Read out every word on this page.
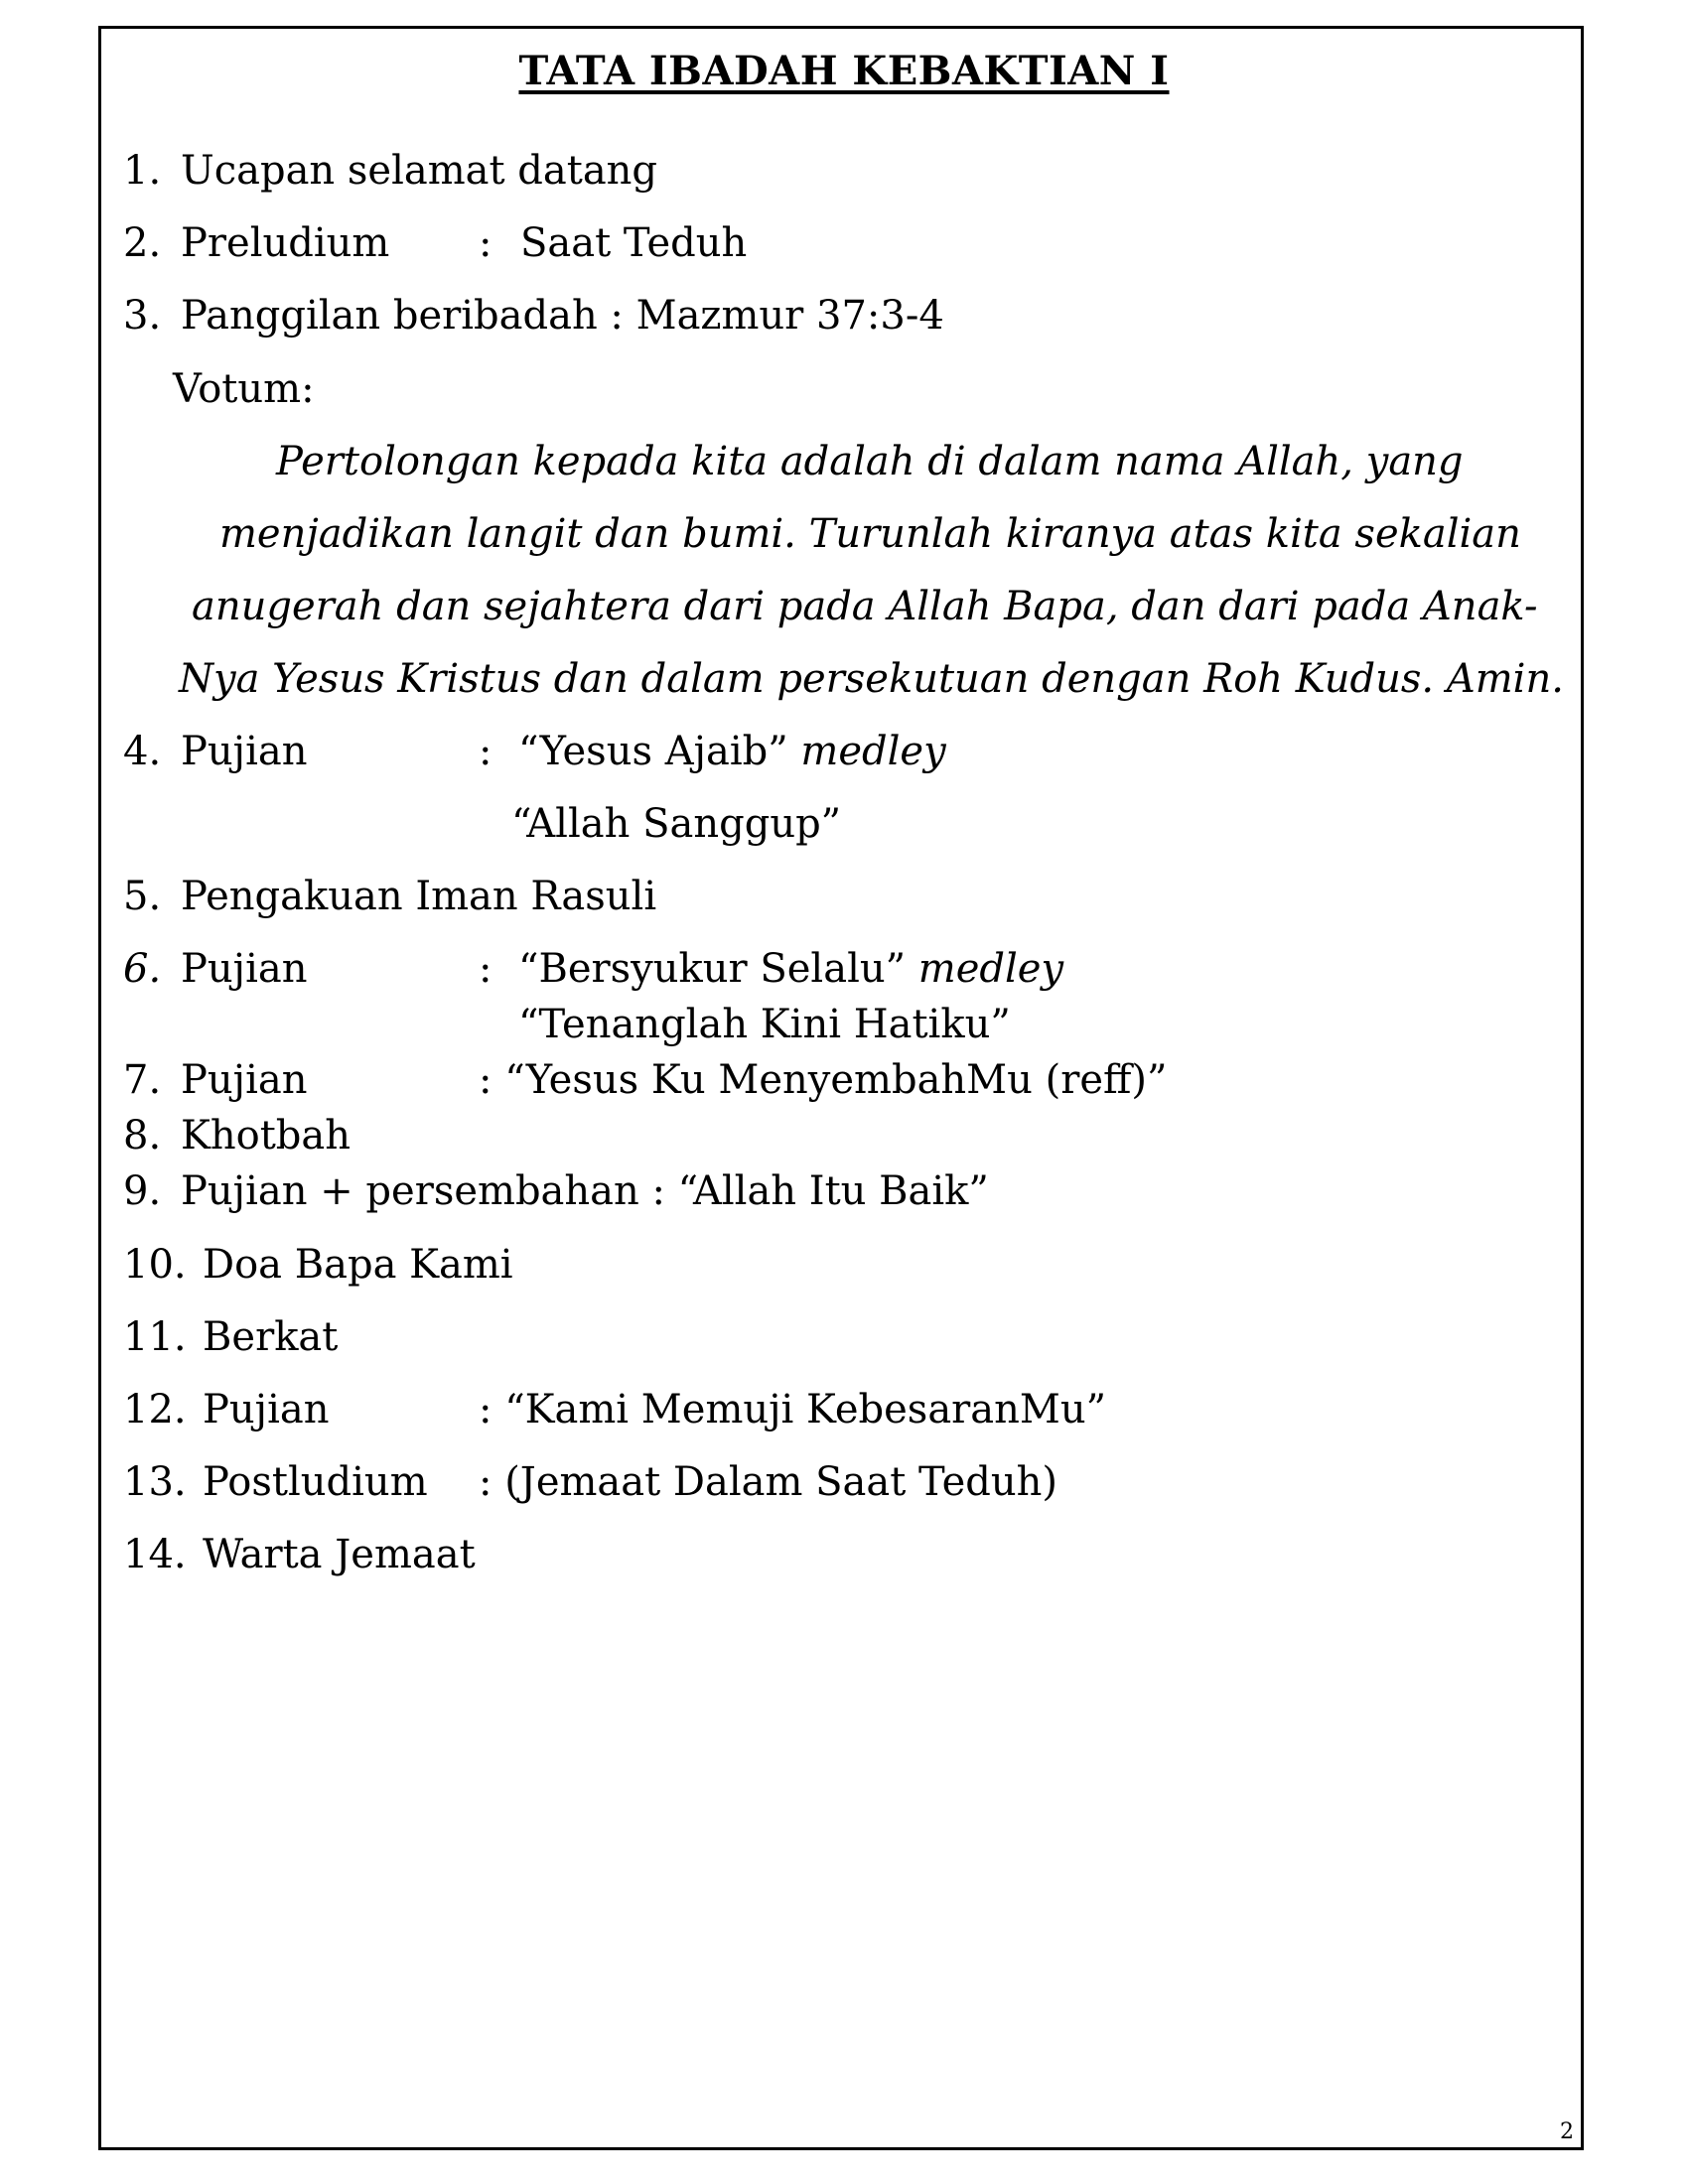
TATA IBADAH KEBAKTIAN I
1. Ucapan selamat datang
2. Preludium : Saat Teduh
3. Panggilan beribadah : Mazmur 37:3-4
Votum:
Pertolongan kepada kita adalah di dalam nama Allah, yang
menjadikan langit dan bumi. Turunlah kiranya atas kita sekalian
anugerah dan sejahtera dari pada Allah Bapa, dan dari pada Anak-
Nya Yesus Kristus dan dalam persekutuan dengan Roh Kudus. Amin.
4. Pujian	: “Yesus Ajaib” medley
“Allah Sanggup”
5. Pengakuan Iman Rasuli
6. Pujian	: “Bersyukur Selalu” medley
“Tenanglah Kini Hatiku”
7. Pujian	: “Yesus Ku MenyembahMu (reff)”
8. Khotbah
9. Pujian + persembahan : “Allah Itu Baik”
10. Doa Bapa Kami
11. Berkat
12. Pujian	: “Kami Memuji KebesaranMu”
13. Postludium : (Jemaat Dalam Saat Teduh)
14. Warta Jemaat
2
